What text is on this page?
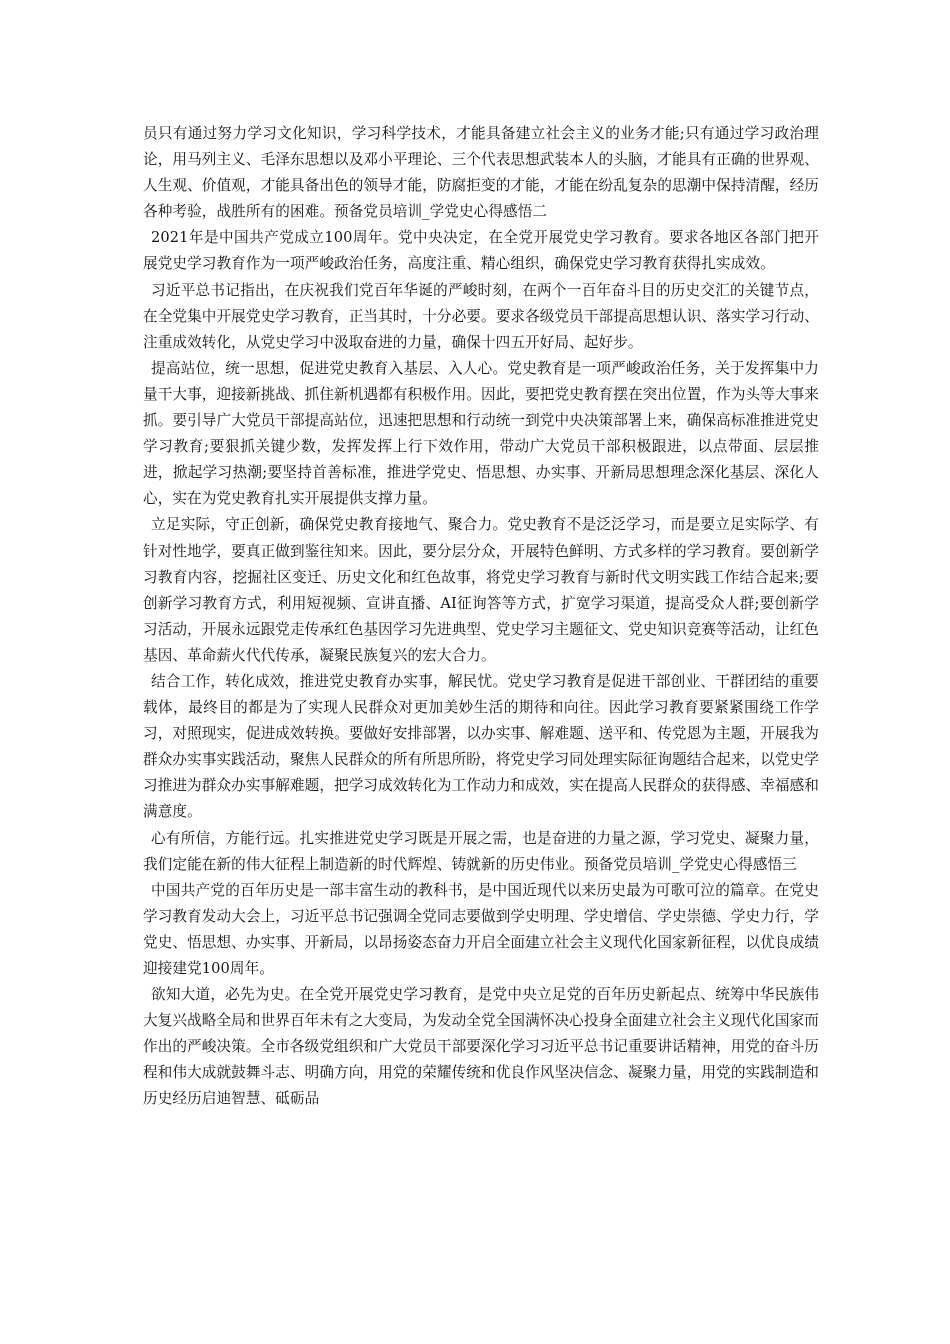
员只有通过努力学习文化知识，学习科学技术，才能具备建立社会主义的业务才能;只有通过学习政治理论，用马列主义、毛泽东思想以及邓小平理论、三个代表思想武装本人的头脑，才能具有正确的世界观、人生观、价值观，才能具备出色的领导才能，防腐拒变的才能，才能在纷乱复杂的思潮中保持清醒，经历各种考验，战胜所有的困难。预备党员培训_学党史心得感悟二

2021年是中国共产党成立100周年。党中央决定，在全党开展党史学习教育。要求各地区各部门把开展党史学习教育作为一项严峻政治任务，高度注重、精心组织，确保党史学习教育获得扎实成效。

习近平总书记指出，在庆祝我们党百年华诞的严峻时刻，在两个一百年奋斗目的历史交汇的关键节点，在全党集中开展党史学习教育，正当其时，十分必要。要求各级党员干部提高思想认识、落实学习行动、注重成效转化，从党史学习中汲取奋进的力量，确保十四五开好局、起好步。

提高站位，统一思想，促进党史教育入基层、入人心。党史教育是一项严峻政治任务，关于发挥集中力量干大事，迎接新挑战、抓住新机遇都有积极作用。因此，要把党史教育摆在突出位置，作为头等大事来抓。要引导广大党员干部提高站位，迅速把思想和行动统一到党中央决策部署上来，确保高标准推进党史学习教育;要狠抓关键少数，发挥发挥上行下效作用，带动广大党员干部积极跟进，以点带面、层层推进，掀起学习热潮;要坚持首善标准，推进学党史、悟思想、办实事、开新局思想理念深化基层、深化人心，实在为党史教育扎实开展提供支撑力量。

立足实际，守正创新，确保党史教育接地气、聚合力。党史教育不是泛泛学习，而是要立足实际学、有针对性地学，要真正做到鉴往知来。因此，要分层分众，开展特色鲜明、方式多样的学习教育。要创新学习教育内容，挖掘社区变迁、历史文化和红色故事，将党史学习教育与新时代文明实践工作结合起来;要创新学习教育方式，利用短视频、宣讲直播、AI征询答等方式，扩宽学习渠道，提高受众人群;要创新学习活动，开展永远跟党走传承红色基因学习先进典型、党史学习主题征文、党史知识竞赛等活动，让红色基因、革命薪火代代传承，凝聚民族复兴的宏大合力。

结合工作，转化成效，推进党史教育办实事，解民忧。党史学习教育是促进干部创业、干群团结的重要载体，最终目的都是为了实现人民群众对更加美妙生活的期待和向往。因此学习教育要紧紧围绕工作学习，对照现实，促进成效转换。要做好安排部署，以办实事、解难题、送平和、传党恩为主题，开展我为群众办实事实践活动，聚焦人民群众的所有所思所盼，将党史学习同处理实际征询题结合起来，以党史学习推进为群众办实事解难题，把学习成效转化为工作动力和成效，实在提高人民群众的获得感、幸福感和满意度。

心有所信，方能行远。扎实推进党史学习既是开展之需，也是奋进的力量之源，学习党史、凝聚力量，我们定能在新的伟大征程上制造新的时代辉煌、铸就新的历史伟业。预备党员培训_学党史心得感悟三

中国共产党的百年历史是一部丰富生动的教科书，是中国近现代以来历史最为可歌可泣的篇章。在党史学习教育发动大会上，习近平总书记强调全党同志要做到学史明理、学史增信、学史崇德、学史力行，学党史、悟思想、办实事、开新局，以昂扬姿态奋力开启全面建立社会主义现代化国家新征程，以优良成绩迎接建党100周年。

欲知大道，必先为史。在全党开展党史学习教育，是党中央立足党的百年历史新起点、统筹中华民族伟大复兴战略全局和世界百年未有之大变局，为发动全党全国满怀决心投身全面建立社会主义现代化国家而作出的严峻决策。全市各级党组织和广大党员干部要深化学习习近平总书记重要讲话精神，用党的奋斗历程和伟大成就鼓舞斗志、明确方向，用党的荣耀传统和优良作风坚决信念、凝聚力量，用党的实践制造和历史经历启迪智慧、砥砺品
